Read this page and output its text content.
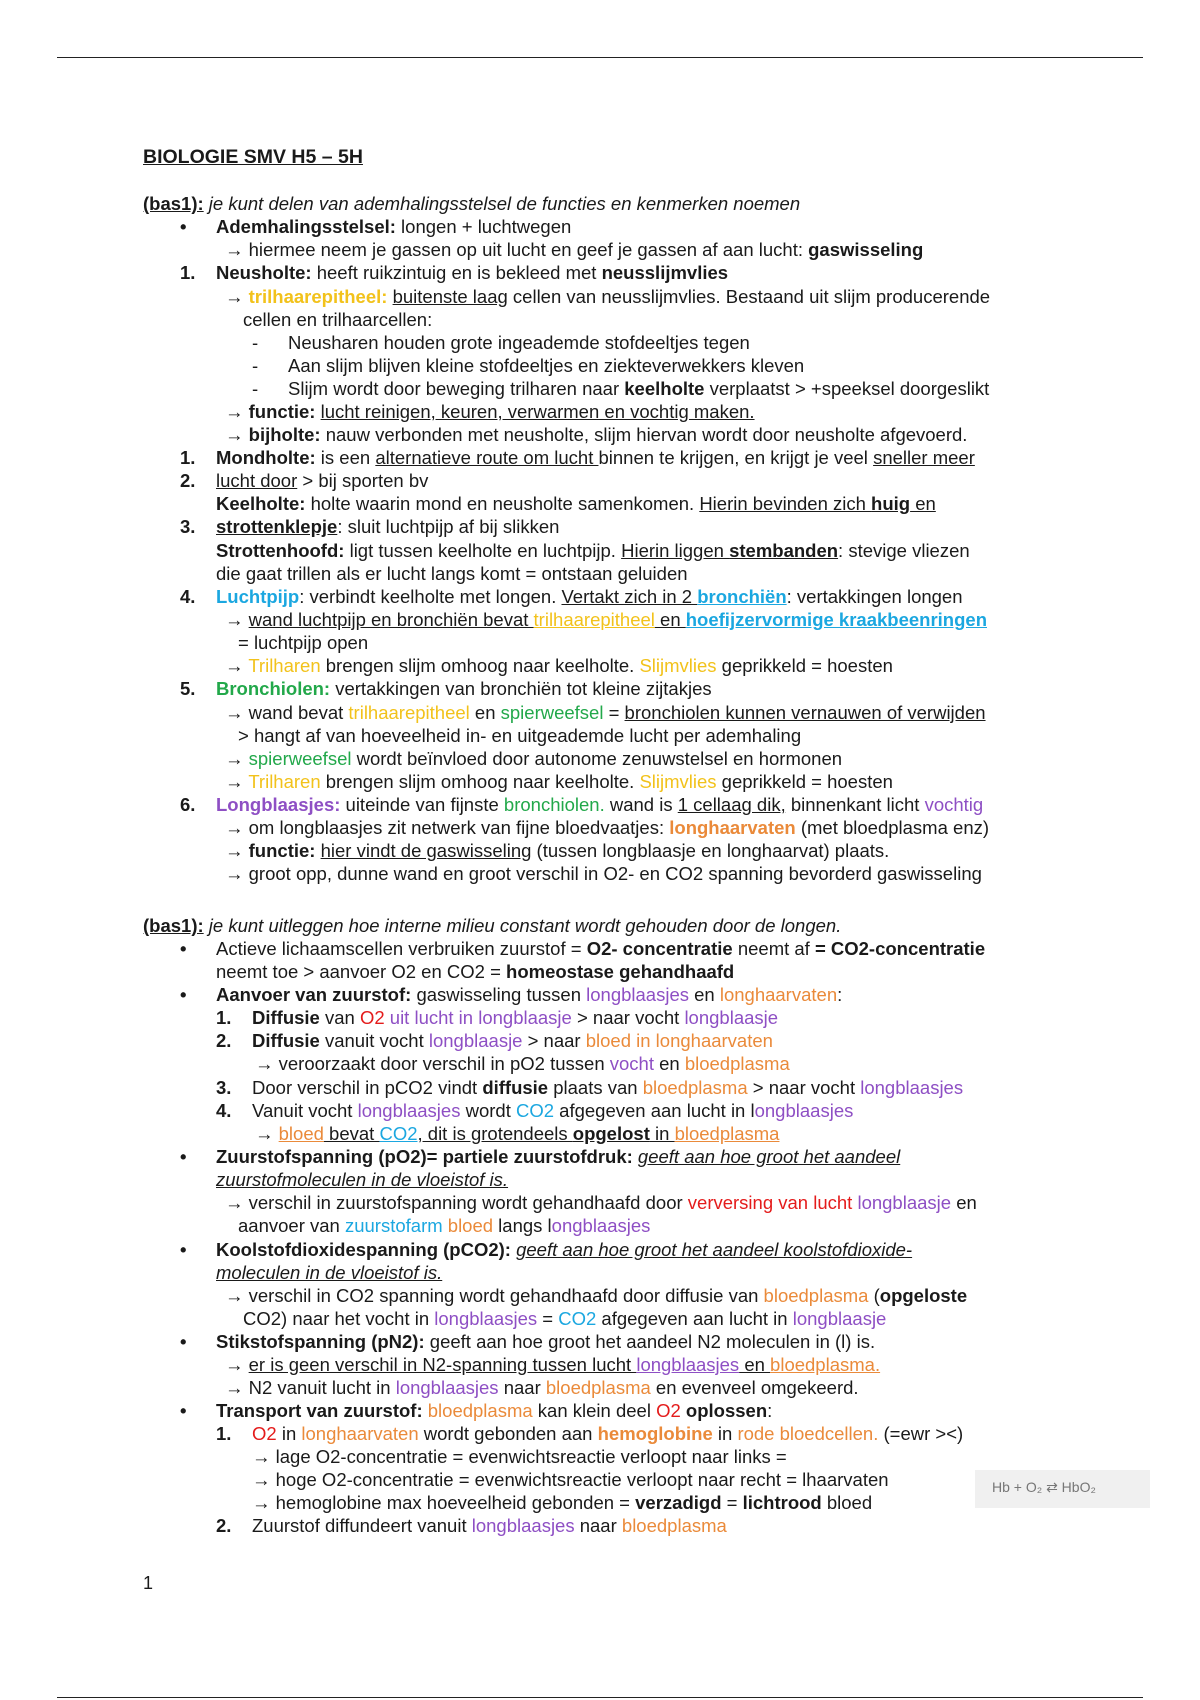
BIOLOGIE SMV H5 – 5H
•
1.
-
-
-
1.
2.
3.
4.
5.
6.
•
•
1.
2.
3.
4.
•
•
•
•
1.
2.
(bas1): je kunt delen van ademhalingsstelsel de functies en kenmerken noemen
Ademhalingsstelsel: longen + luchtwegen
→ hiermee neem je gassen op uit lucht en geef je gassen af aan lucht: gaswisseling
Neusholte: heeft ruikzintuig en is bekleed met neusslijmvlies
→ trilhaarepitheel: buitenste laag cellen van neusslijmvlies. Bestaand uit slijm producerende
cellen en trilhaarcellen:
Neusharen houden grote ingeademde stofdeeltjes tegen
Aan slijm blijven kleine stofdeeltjes en ziekteverwekkers kleven
Slijm wordt door beweging trilharen naar keelholte verplaatst > +speeksel doorgeslikt
→ functie: lucht reinigen, keuren, verwarmen en vochtig maken.
→ bijholte: nauw verbonden met neusholte, slijm hiervan wordt door neusholte afgevoerd.
Mondholte: is een alternatieve route om lucht binnen te krijgen, en krijgt je veel sneller meer
lucht door > bij sporten bv
Keelholte: holte waarin mond en neusholte samenkomen. Hierin bevinden zich huig en
strottenklepje: sluit luchtpijp af bij slikken
Strottenhoofd: ligt tussen keelholte en luchtpijp. Hierin liggen stembanden: stevige vliezen
die gaat trillen als er lucht langs komt = ontstaan geluiden
Luchtpijp: verbindt keelholte met longen. Vertakt zich in 2 bronchiën: vertakkingen longen
→ wand luchtpijp en bronchiën bevat trilhaarepitheel en hoefijzervormige kraakbeenringen
= luchtpijp open
→ Trilharen brengen slijm omhoog naar keelholte. Slijmvlies geprikkeld = hoesten
Bronchiolen: vertakkingen van bronchiën tot kleine zijtakjes
→ wand bevat trilhaarepitheel en spierweefsel = bronchiolen kunnen vernauwen of verwijden
> hangt af van hoeveelheid in- en uitgeademde lucht per ademhaling
→ spierweefsel wordt beïnvloed door autonome zenuwstelsel en hormonen
→ Trilharen brengen slijm omhoog naar keelholte. Slijmvlies geprikkeld = hoesten
Longblaasjes: uiteinde van fijnste bronchiolen. wand is 1 cellaag dik, binnenkant licht vochtig
→ om longblaasjes zit netwerk van fijne bloedvaatjes: longhaarvaten (met bloedplasma enz)
→ functie: hier vindt de gaswisseling (tussen longblaasje en longhaarvat) plaats.
→ groot opp, dunne wand en groot verschil in O2- en CO2 spanning bevorderd gaswisseling
(bas1): je kunt uitleggen hoe interne milieu constant wordt gehouden door de longen.
Actieve lichaamscellen verbruiken zuurstof = O2- concentratie neemt af = CO2-concentratie
neemt toe > aanvoer O2 en CO2 = homeostase gehandhaafd
Aanvoer van zuurstof: gaswisseling tussen longblaasjes en longhaarvaten:
Diffusie van O2 uit lucht in longblaasje > naar vocht longblaasje
Diffusie vanuit vocht longblaasje > naar bloed in longhaarvaten
→ veroorzaakt door verschil in pO2 tussen vocht en bloedplasma
Door verschil in pCO2 vindt diffusie plaats van bloedplasma > naar vocht longblaasjes
Vanuit vocht longblaasjes wordt CO2 afgegeven aan lucht in longblaasjes
→ bloed bevat CO2, dit is grotendeels opgelost in bloedplasma
Zuurstofspanning (pO2)= partiele zuurstofdruk: geeft aan hoe groot het aandeel
zuurstofmoleculen in de vloeistof is.
→ verschil in zuurstofspanning wordt gehandhaafd door verversing van lucht longblaasje en
aanvoer van zuurstofarm bloed langs longblaasjes
Koolstofdioxidespanning (pCO2): geeft aan hoe groot het aandeel koolstofdioxide-
moleculen in de vloeistof is.
→ verschil in CO2 spanning wordt gehandhaafd door diffusie van bloedplasma (opgeloste
CO2) naar het vocht in longblaasjes = CO2 afgegeven aan lucht in longblaasje
Stikstofspanning (pN2): geeft aan hoe groot het aandeel N2 moleculen in (l) is.
→ er is geen verschil in N2-spanning tussen lucht longblaasjes en bloedplasma.
→ N2 vanuit lucht in longblaasjes naar bloedplasma en evenveel omgekeerd.
Transport van zuurstof: bloedplasma kan klein deel O2 oplossen:
O2 in longhaarvaten wordt gebonden aan hemoglobine in rode bloedcellen. (=ewr ><)
→ lage O2-concentratie = evenwichtsreactie verloopt naar links =
→ hoge O2-concentratie = evenwichtsreactie verloopt naar recht = lhaarvaten
→ hemoglobine max hoeveelheid gebonden = verzadigd = lichtrood bloed
Zuurstof diffundeert vanuit longblaasjes naar bloedplasma
Hb + O₂ ⇄ HbO₂
1
